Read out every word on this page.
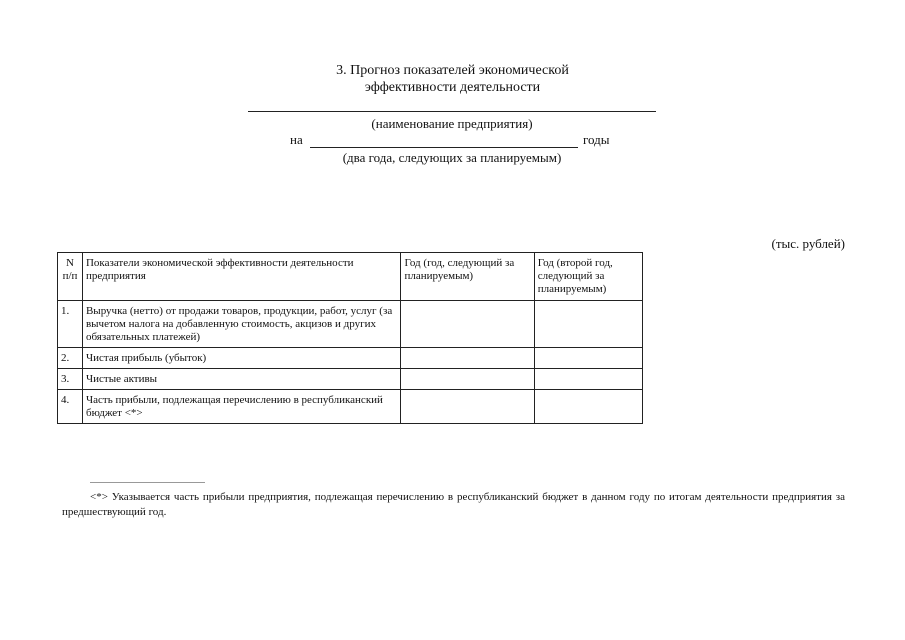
3. Прогноз показателей экономической
эффективности деятельности
(наименование предприятия)
на	годы
(два года, следующих за планируемым)
(тыс. рублей)
N
п/п	Показатели экономической эффективности деятельности предприятия	Год (год, следующий за планируемым)	Год (второй год, следующий за планируемым)
1.	Выручка (нетто) от продажи товаров, продукции, работ, услуг (за вычетом налога на добавленную стоимость, акцизов и других обязательных платежей)		
2.	Чистая прибыль (убыток)		
3.	Чистые активы		
4.	Часть прибыли, подлежащая перечислению в республиканский бюджет <*>		
<*> Указывается часть прибыли предприятия, подлежащая перечислению в республиканский бюджет в данном году по итогам деятельности предприятия за предшествующий год.
